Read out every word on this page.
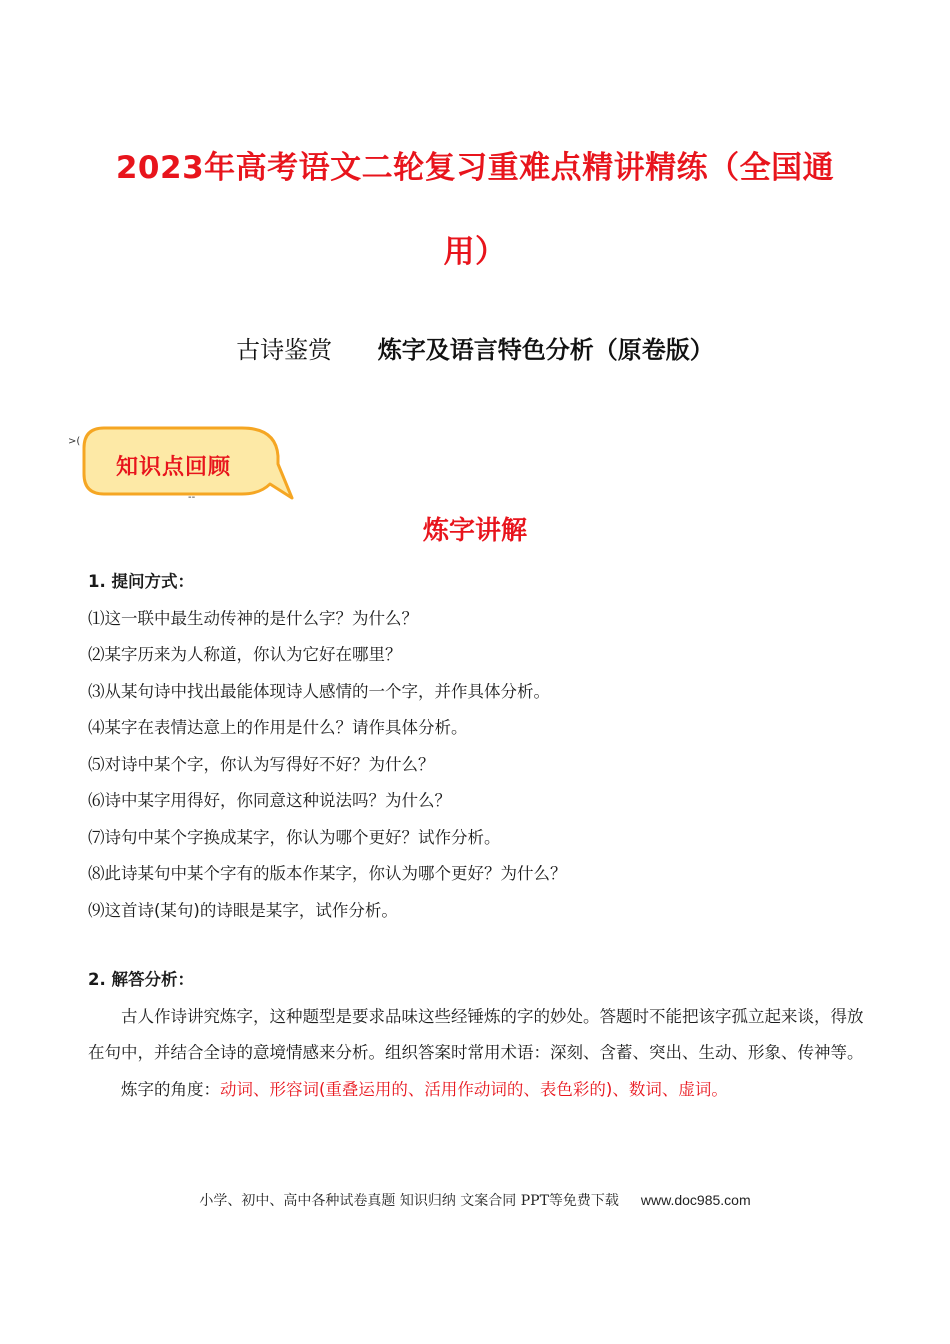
2023年高考语文二轮复习重难点精讲精练（全国通
用）
古诗鉴赏 炼字及语言特色分析（原卷版）
>(
--
知识点回顾
炼字讲解
1. 提问方式：
⑴这一联中最生动传神的是什么字？为什么？
⑵某字历来为人称道，你认为它好在哪里？
⑶从某句诗中找出最能体现诗人感情的一个字，并作具体分析。
⑷某字在表情达意上的作用是什么？请作具体分析。
⑸对诗中某个字，你认为写得好不好？为什么？
⑹诗中某字用得好，你同意这种说法吗？为什么？
⑺诗句中某个字换成某字，你认为哪个更好？试作分析。
⑻此诗某句中某个字有的版本作某字，你认为哪个更好？为什么？
⑼这首诗(某句)的诗眼是某字，试作分析。

2. 解答分析：

古人作诗讲究炼字，这种题型是要求品味这些经锤炼的字的妙处。答题时不能把该字孤立起来谈，得放在句中，并结合全诗的意境情感来分析。组织答案时常用术语：深刻、含蓄、突出、生动、形象、传神等。

炼字的角度：动词、形容词(重叠运用的、活用作动词的、表色彩的)、数词、虚词。

小学、初中、高中各种试卷真题 知识归纳 文案合同 PPT等免费下载 www.doc985.com
